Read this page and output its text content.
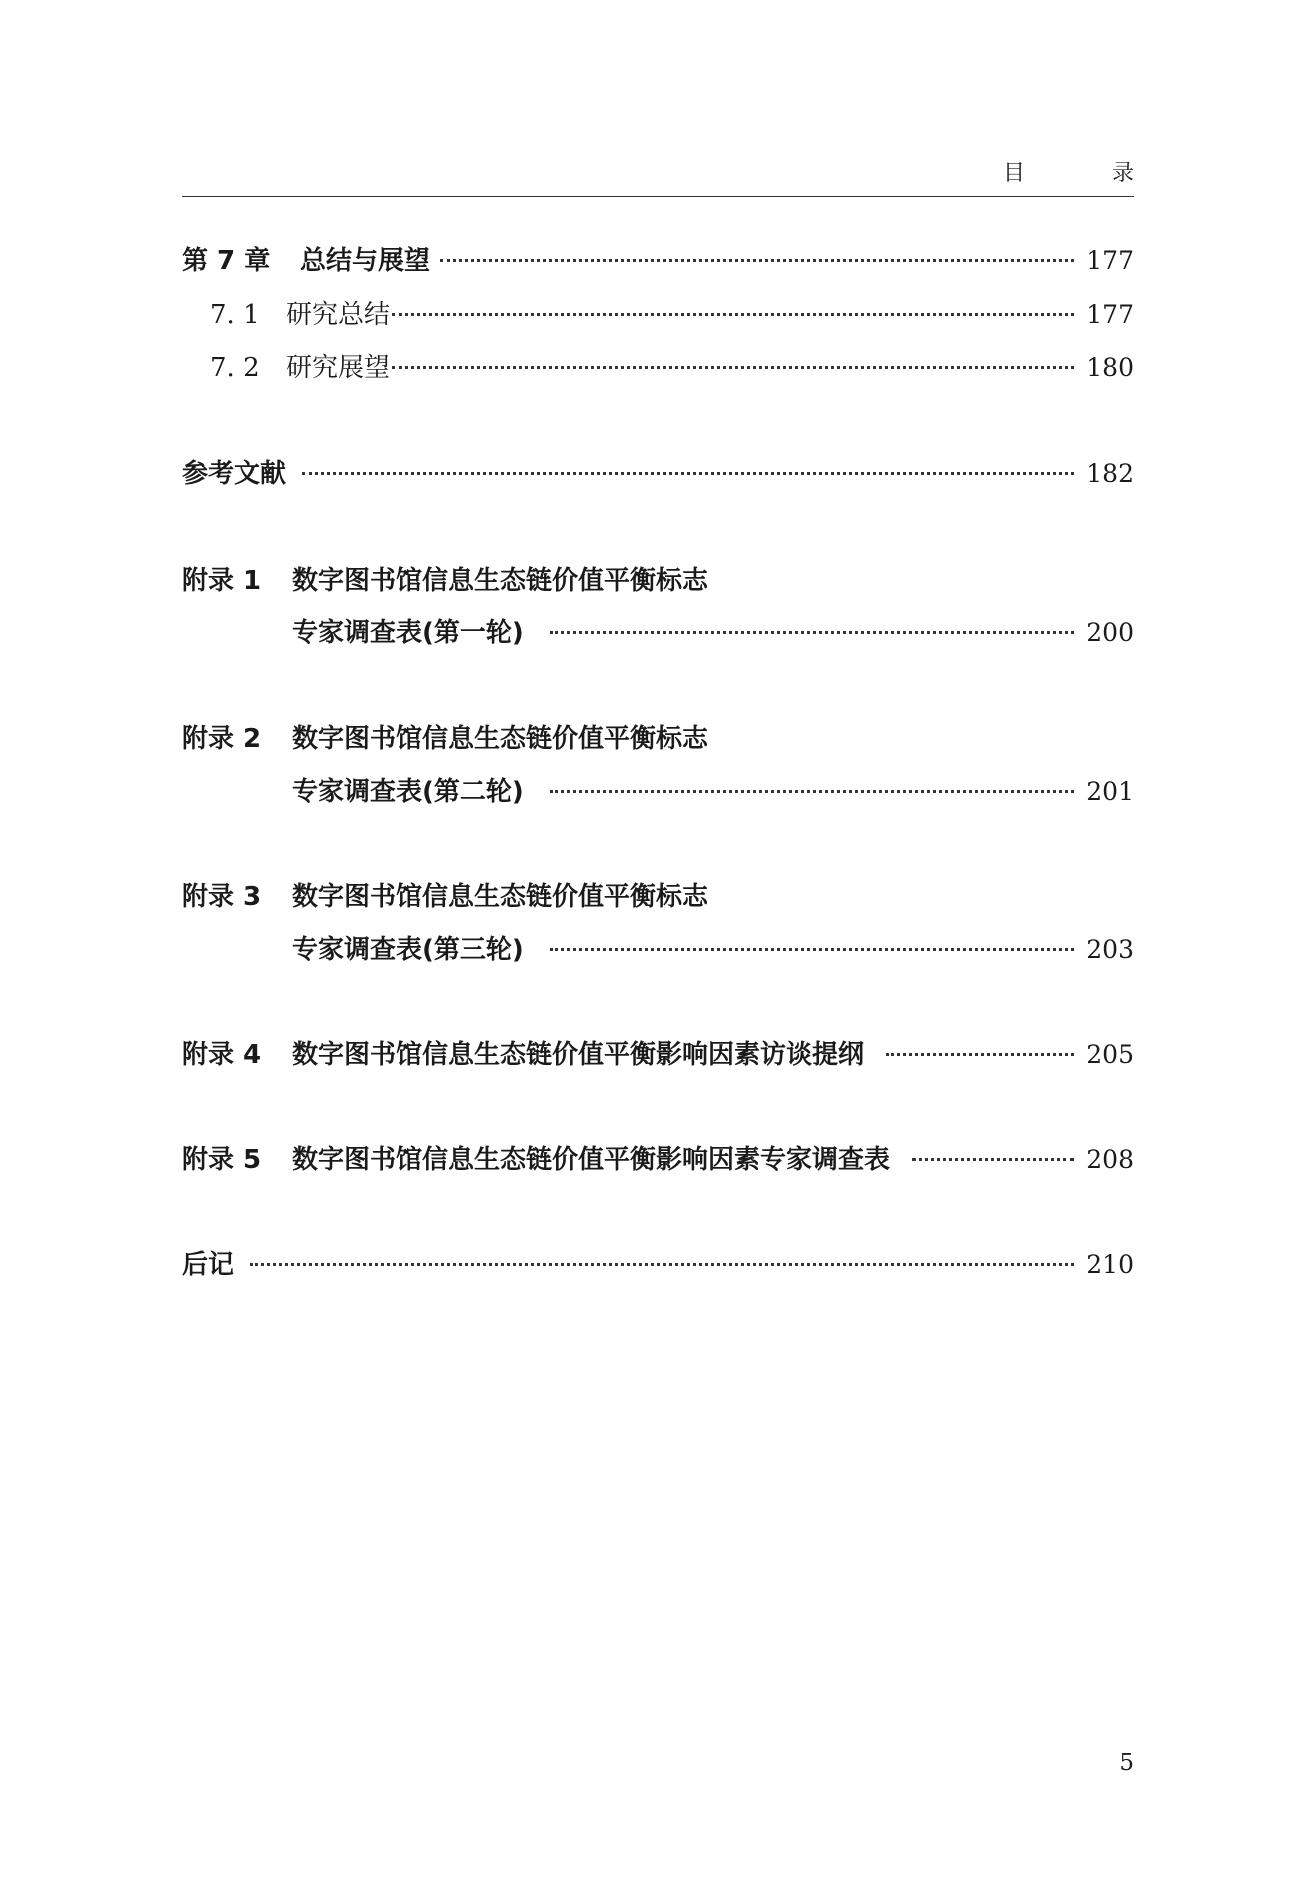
目 录
第 7 章 总结与展望	177
7. 1 研究总结	177
7. 2 研究展望	180
参考文献	182
附录 1 数字图书馆信息生态链价值平衡标志
专家调查表(第一轮)	200
附录 2 数字图书馆信息生态链价值平衡标志
专家调查表(第二轮)	201
附录 3 数字图书馆信息生态链价值平衡标志
专家调查表(第三轮)	203
附录 4 数字图书馆信息生态链价值平衡影响因素访谈提纲	205
附录 5 数字图书馆信息生态链价值平衡影响因素专家调查表	208
后记	210
5
